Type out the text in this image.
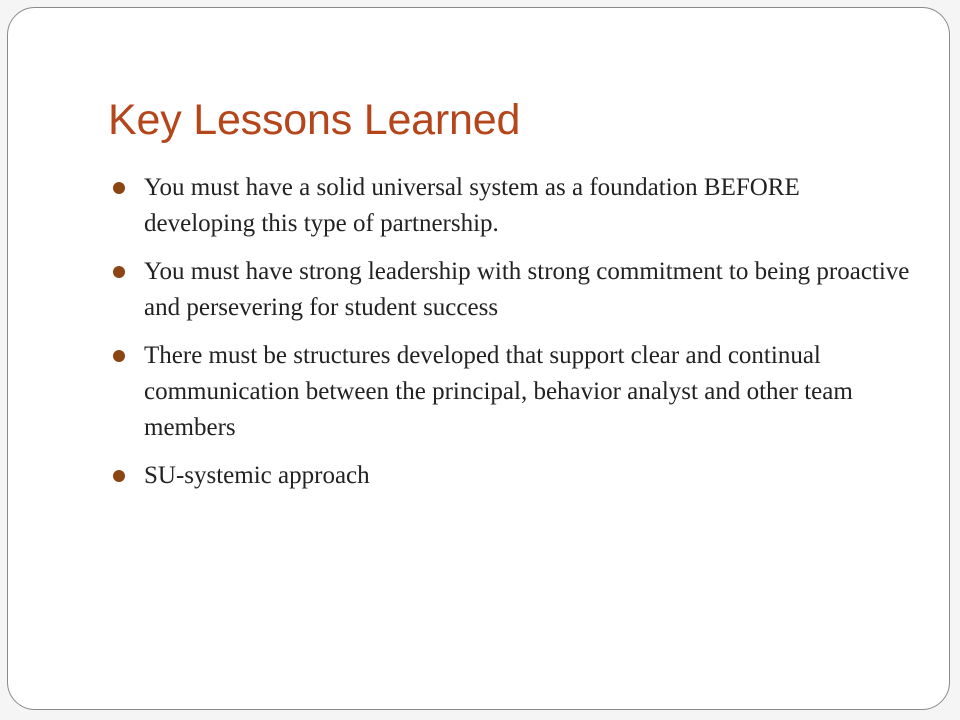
Key Lessons Learned
You must have a solid universal system as a foundation BEFORE developing this type of partnership.
You must have strong leadership with strong commitment to being proactive and persevering for student success
There must be structures developed that support clear and continual communication between the principal, behavior analyst and other team members
SU-systemic approach
